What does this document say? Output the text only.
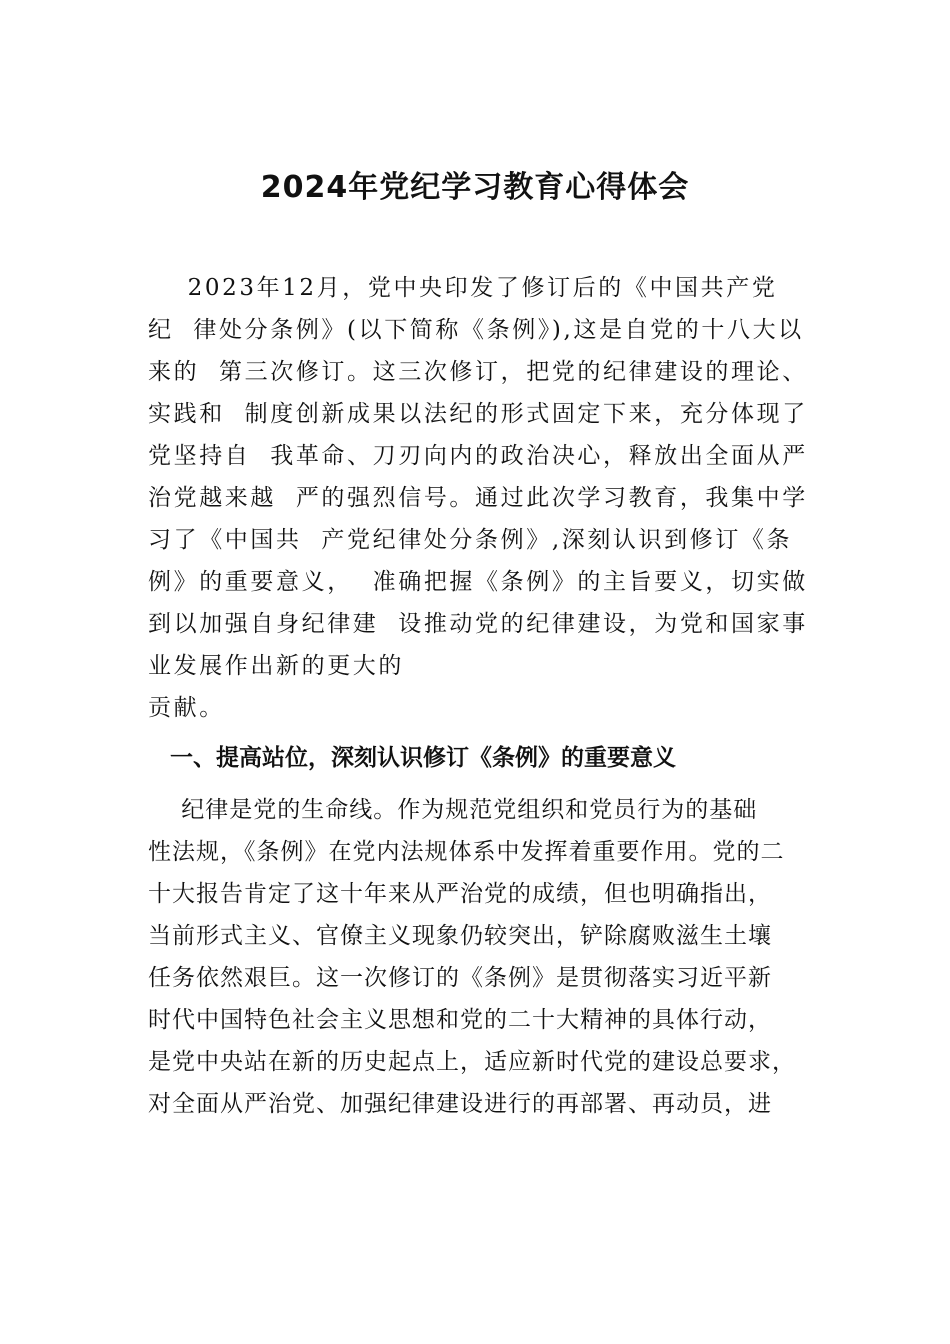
2024年党纪学习教育心得体会

2023年12月，党中央印发了修订后的《中国共产党

纪  律处分条例》(以下简称《条例》),这是自党的十八大以

来的  第三次修订。这三次修订，把党的纪律建设的理论、

实践和  制度创新成果以法纪的形式固定下来，充分体现了

党坚持自  我革命、刀刃向内的政治决心，释放出全面从严

治党越来越  严的强烈信号。通过此次学习教育，我集中学

习了《中国共  产党纪律处分条例》,深刻认识到修订《条

例》的重要意义，  准确把握《条例》的主旨要义，切实做

到以加强自身纪律建  设推动党的纪律建设，为党和国家事

业发展作出新的更大的

贡献。

一、提高站位，深刻认识修订《条例》的重要意义

纪律是党的生命线。作为规范党组织和党员行为的基础

性法规，《条例》在党内法规体系中发挥着重要作用。党的二

十大报告肯定了这十年来从严治党的成绩，但也明确指出，

当前形式主义、官僚主义现象仍较突出，铲除腐败滋生土壤

任务依然艰巨。这一次修订的《条例》是贯彻落实习近平新

时代中国特色社会主义思想和党的二十大精神的具体行动，

是党中央站在新的历史起点上，适应新时代党的建设总要求，

对全面从严治党、加强纪律建设进行的再部署、再动员，进
